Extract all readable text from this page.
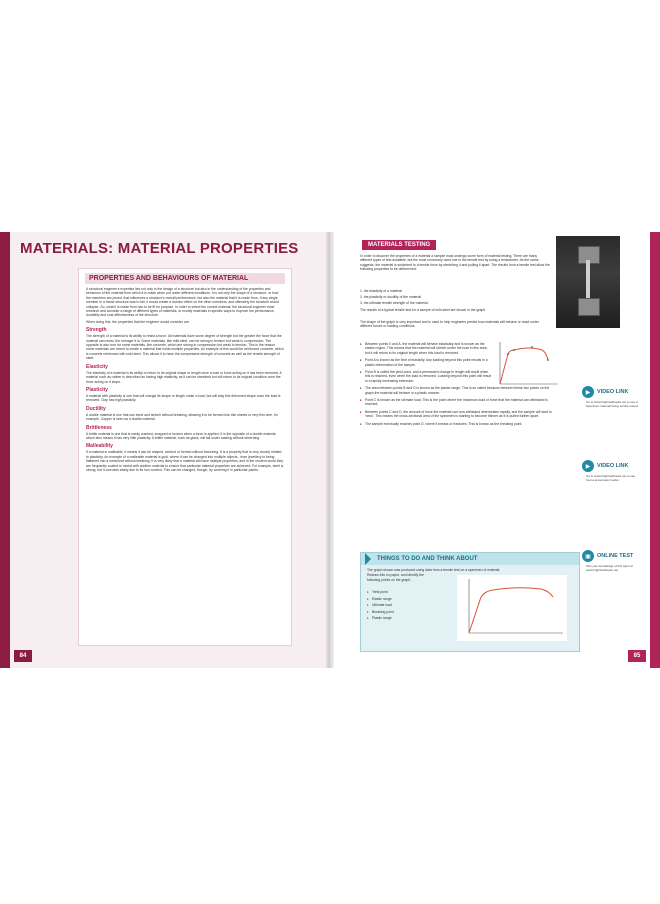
MATERIALS: MATERIAL PROPERTIES
PROPERTIES AND BEHAVIOURS OF MATERIAL
A structural engineer's expertise lies not only in the design of a structure but also in the understanding of the properties and behaviour of the material from which it is made when put under different conditions. It is not only the shape of a structure, or how the members are joined, that influences a structure's overall performance, but also the material that it is made from. If any single member in a frame structure was to fail, it would create a domino effect on the other members, and ultimately the structure would collapse. So, what it is made from has to be fit for purpose. In order to select the correct material, the structural engineer must research and consider a range of different types of materials, or modify materials in specific ways to improve the performance, durability and cost-effectiveness of the structure.
When doing this, the properties that the engineer would consider are:
Strength
The strength of a material is its ability to resist a force. All materials have some degree of strength but the greater the force that the material can resist, the stronger it is. Some materials, like mild steel, can be strong in tension but weak in compression. The opposite is also true for some materials, like concrete, which are strong in compression but weak in tension. This is the reason some materials are mixed to create a material that holds multiple properties. An example of this would be reinforced concrete, which is concrete reinforced with mild steel. This allows it to have the compressive strength of concrete as well as the tensile strength of steel.
Elasticity
The elasticity of a material is its ability to return to its original shape or length once a load or force acting on it has been removed. A material such as rubber is described as having high elasticity, as it can be stretched but will return to its original condition once the force acting on it stops.
Plasticity
A material with plasticity is one that will change its shape or length under a load, but will stay this deformed shape once the load is removed. Clay has high plasticity.
Ductility
A ductile material is one that can bend and stretch without breaking, allowing it to be formed into thin sheets or very thin wire, for example. Copper is seen as a ductile material.
Brittleness
A brittle material is one that is easily cracked, snapped or broken when a force is applied. It is the opposite of a ductile material, which also means it has very little plasticity. A brittle material, such as glass, will fail under loading without stretching.
Malleability
If a material is malleable, it means it can be shaped, worked or formed without fracturing. It is a property that is very closely related to plasticity. An example of a malleable material is gold, where it can be changed into multiple objects - from jewellery to being flattened into a metal leaf without breaking. It is very likely that a material will have multiple properties, and in the modern world they are frequently coated or mixed with another material to ensure that particular material properties are achieved. For example, steel is strong, but it corrodes easily due to its iron content. This can be changed, though, by covering it in particular paints.
84
MATERIALS TESTING
In order to discover the properties of a material a sample must undergo some form of material testing. There are many different types of test available, but the most commonly used one is the tensile test by using a tensometer. As the name suggests, the material is subjected to a tensile force by stretching it and pulling it apart. The results from a tensile test allow the following properties to be determined:
1. the elasticity of a material
2. the plasticity or ductility of the material
3. the ultimate tensile strength of the material.
The results of a typical tensile test for a sample of mild steel are shown in the graph.
The shape of the graph is very important and is used to help engineers predict how materials will behave or react under different forces or loading conditions.
▸ Between points 0 and A, the material will behave elastically and is known as the elastic region. This means that the material will stretch under the load in this area, but it will return to its original length when this load is removed.
▸ Point A is known as the limit of elasticity. Any loading beyond this point results in a plastic deformation of the sample.
▸ Point B is called the yield point, and a permanent change in length will result when this is reached, even when the load is removed. Loading beyond this point will result in a rapidly increasing extension.
▸ The area between points B and D is known as the plastic range. This is so called because between these two points on the graph the material will behave in a plastic manner.
▸ Point C is known as the ultimate load. This is the point where the maximum load or force that the material can withstand is reached.
▸ Between points C and D, the amount of force the material can now withstand deteriorates rapidly, and the sample will start to 'neck'. This means the cross-sectional area of the specimen is starting to become thinner as it is pulled further apart.
▸ The sample eventually reaches point D, where it breaks or fractures. This is known as the breaking point.
▶	VIDEO LINK
Go to www.brightredbooks.net to see a Specimen material being tensile tested.
▶	VIDEO LINK
Go to www.brightredbooks.net to see how a tensometer works.
▣	ONLINE TEST
Test your knowledge of this topic at www.brightredbooks.net
THINGS TO DO AND THINK ABOUT
The graph shown was produced using data from a tensile test on a specimen of material.
Redraw this on paper, and identify the following points on the graph.
▸ Yield point
▸ Elastic range
▸ Ultimate load
▸ Breaking point
▸ Plastic range
85
